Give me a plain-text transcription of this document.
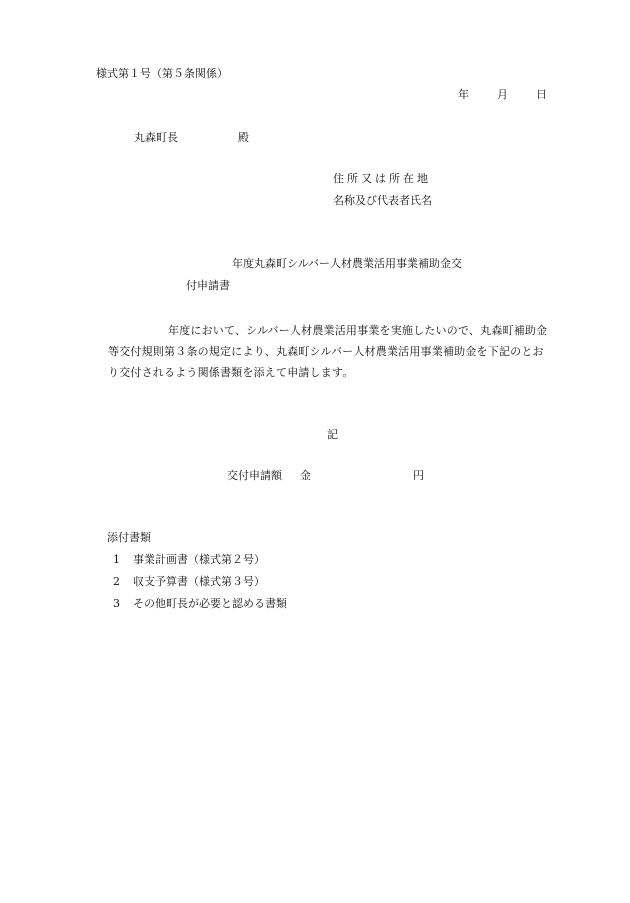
様式第１号（第５条関係）
年	月	日
丸森町長	殿
住所又は所在地
名称及び代表者氏名
年度丸森町シルバー人材農業活用事業補助金交
付申請書
年度において、シルバー人材農業活用事業を実施したいので、丸森町補助金等交付規則第３条の規定により、丸森町シルバー人材農業活用事業補助金を下記のとおり交付されるよう関係書類を添えて申請します。
記
交付申請額 金	円
添付書類
1	事業計画書（様式第２号）
2	収支予算書（様式第３号）
3	その他町長が必要と認める書類
